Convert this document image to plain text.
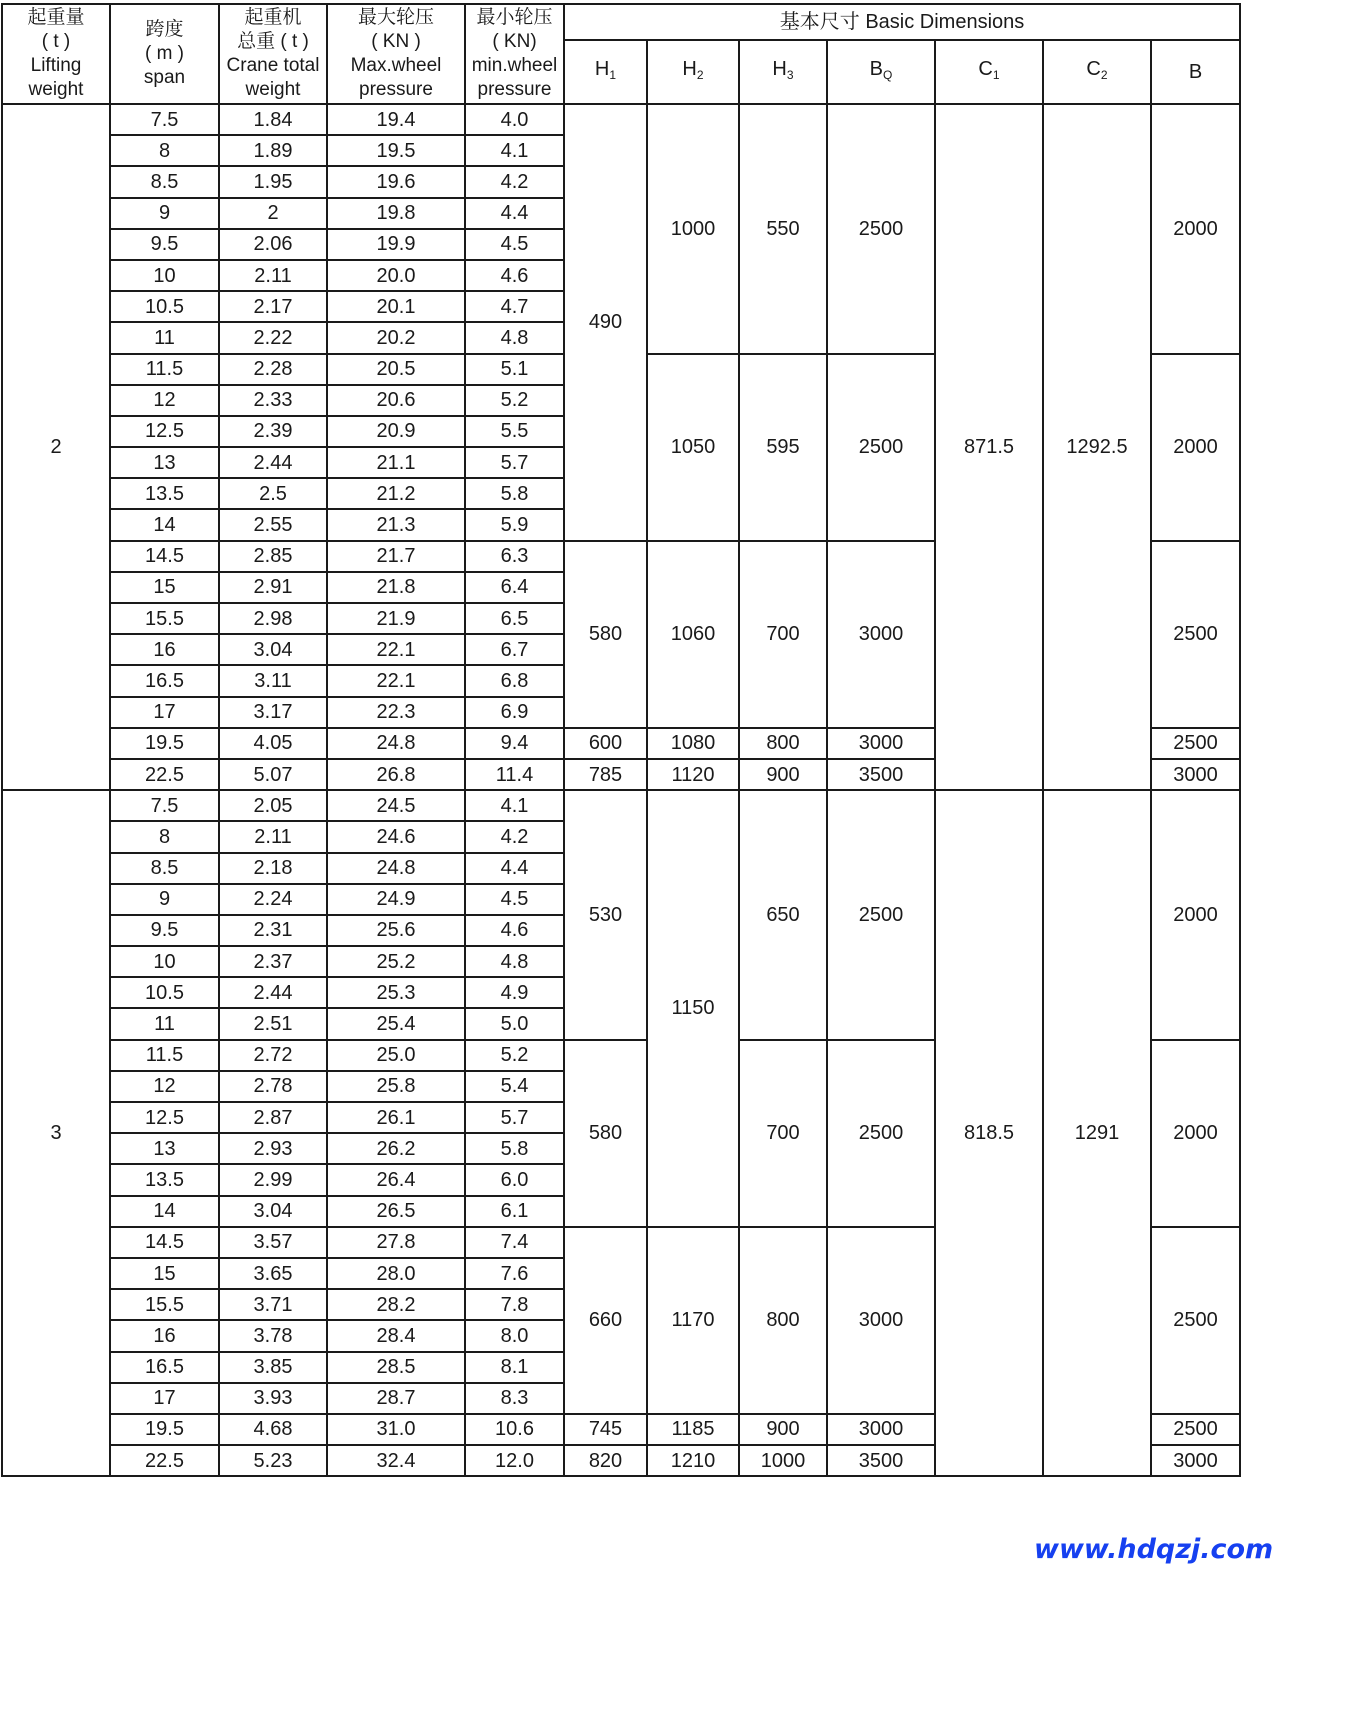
起重量
( t )
Lifting
weight

跨度
( m )
span

起重机
总重 ( t )
Crane total
weight

最大轮压
( KN )
Max.wheel
pressure

最小轮压
( KN)
min.wheel
pressure
	基本尺寸 Basic Dimensions
					$H_1$	$H_2$	$H_3$	$B_Q$	$C_1$	$C_2$	B
2	7.5	1.84	19.4	4.0	490	1000	550	2500	871.5	1292.5	2000
	8	1.89	19.5	4.1							
	8.5	1.95	19.6	4.2							
	9	2	19.8	4.4							
	9.5	2.06	19.9	4.5							
	10	2.11	20.0	4.6							
	10.5	2.17	20.1	4.7							
	11	2.22	20.2	4.8							
	11.5	2.28	20.5	5.1		1050	595	2500			2000
	12	2.33	20.6	5.2							
	12.5	2.39	20.9	5.5							
	13	2.44	21.1	5.7							
	13.5	2.5	21.2	5.8							
	14	2.55	21.3	5.9							
	14.5	2.85	21.7	6.3	580	1060	700	3000			2500
	15	2.91	21.8	6.4							
	15.5	2.98	21.9	6.5							
	16	3.04	22.1	6.7							
	16.5	3.11	22.1	6.8							
	17	3.17	22.3	6.9							
	19.5	4.05	24.8	9.4	600	1080	800	3000			2500
	22.5	5.07	26.8	11.4	785	1120	900	3500			3000
3	7.5	2.05	24.5	4.1	530	1150	650	2500	818.5	1291	2000
	8	2.11	24.6	4.2							
	8.5	2.18	24.8	4.4							
	9	2.24	24.9	4.5							
	9.5	2.31	25.6	4.6							
	10	2.37	25.2	4.8							
	10.5	2.44	25.3	4.9							
	11	2.51	25.4	5.0							
	11.5	2.72	25.0	5.2	580		700	2500			2000
	12	2.78	25.8	5.4							
	12.5	2.87	26.1	5.7							
	13	2.93	26.2	5.8							
	13.5	2.99	26.4	6.0							
	14	3.04	26.5	6.1							
	14.5	3.57	27.8	7.4	660	1170	800	3000			2500
	15	3.65	28.0	7.6							
	15.5	3.71	28.2	7.8							
	16	3.78	28.4	8.0							
	16.5	3.85	28.5	8.1							
	17	3.93	28.7	8.3							
	19.5	4.68	31.0	10.6	745	1185	900	3000			2500
	22.5	5.23	32.4	12.0	820	1210	1000	3500			3000
www.hdqzj.com
